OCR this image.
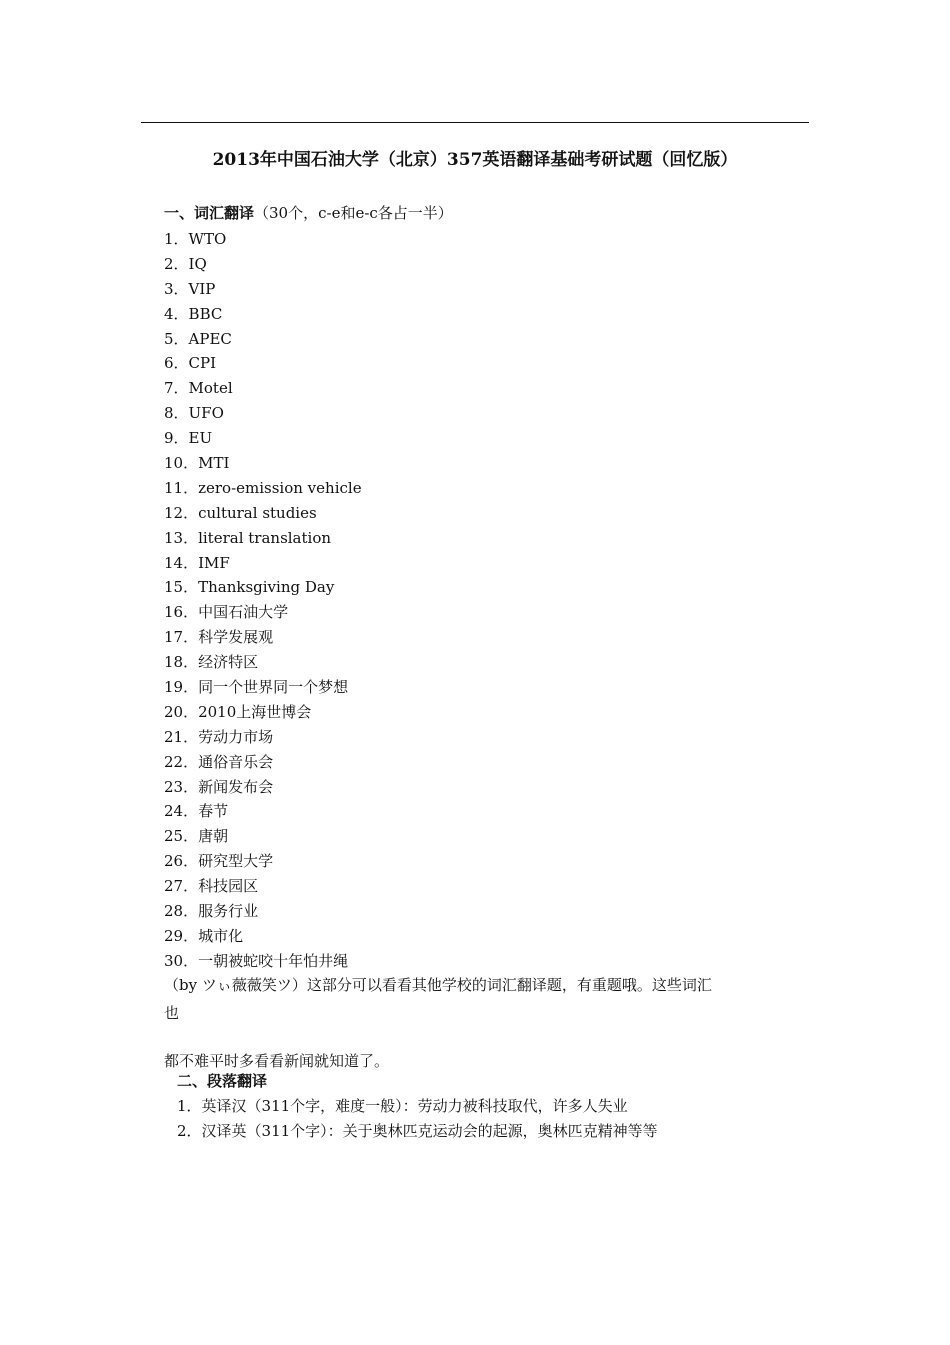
2013年中国石油大学（北京）357英语翻译基础考研试题（回忆版）
一、词汇翻译（30个，c-e和e-c各占一半）
1．WTO
2．IQ
3．VIP
4．BBC
5．APEC
6．CPI
7．Motel
8．UFO
9．EU
10．MTI
11．zero-emission vehicle
12．cultural studies
13．literal translation
14．IMF
15．Thanksgiving Day
16．中国石油大学
17．科学发展观
18．经济特区
19．同一个世界同一个梦想
20．2010上海世博会
21．劳动力市场
22．通俗音乐会
23．新闻发布会
24．春节
25．唐朝
26．研究型大学
27．科技园区
28．服务行业
29．城市化
30．一朝被蛇咬十年怕井绳
（by ツぃ薇薇笑ツ）这部分可以看看其他学校的词汇翻译题，有重题哦。这些词汇
也
都不难平时多看看新闻就知道了。
二、段落翻译
1．英译汉（311个字，难度一般）：劳动力被科技取代，许多人失业
2．汉译英（311个字）：关于奥林匹克运动会的起源，奥林匹克精神等等
